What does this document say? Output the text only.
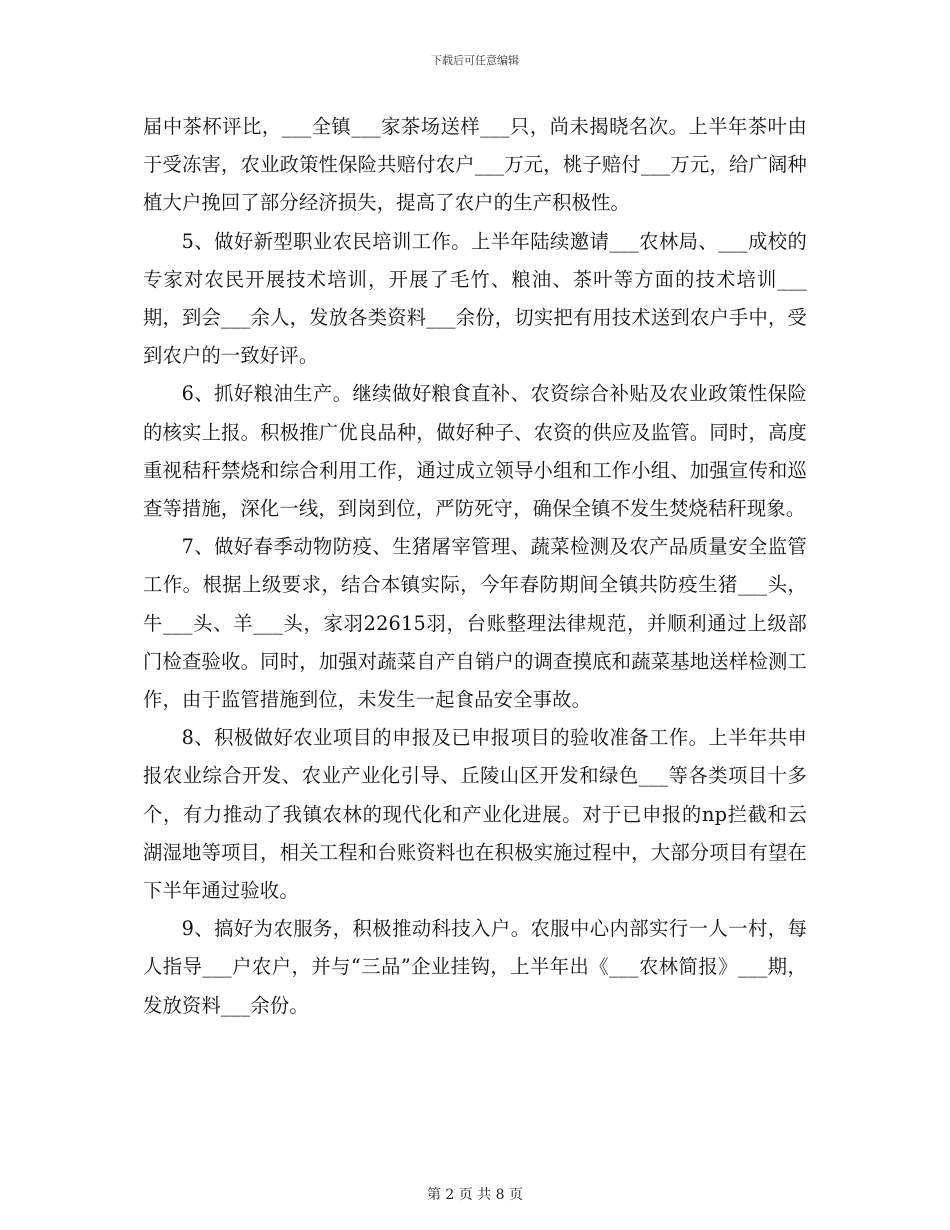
下载后可任意编辑

届中茶杯评比，___全镇___家茶场送样___只，尚未揭晓名次。上半年茶叶由于受冻害，农业政策性保险共赔付农户___万元，桃子赔付___万元，给广阔种植大户挽回了部分经济损失，提高了农户的生产积极性。

5、做好新型职业农民培训工作。上半年陆续邀请___农林局、___成校的专家对农民开展技术培训，开展了毛竹、粮油、茶叶等方面的技术培训___期，到会___余人，发放各类资料___余份，切实把有用技术送到农户手中，受到农户的一致好评。

6、抓好粮油生产。继续做好粮食直补、农资综合补贴及农业政策性保险的核实上报。积极推广优良品种，做好种子、农资的供应及监管。同时，高度重视秸秆禁烧和综合利用工作，通过成立领导小组和工作小组、加强宣传和巡查等措施，深化一线，到岗到位，严防死守，确保全镇不发生焚烧秸秆现象。

7、做好春季动物防疫、生猪屠宰管理、蔬菜检测及农产品质量安全监管工作。根据上级要求，结合本镇实际，今年春防期间全镇共防疫生猪___头，牛___头、羊___头，家羽22615羽，台账整理法律规范，并顺利通过上级部门检查验收。同时，加强对蔬菜自产自销户的调查摸底和蔬菜基地送样检测工作，由于监管措施到位，未发生一起食品安全事故。

8、积极做好农业项目的申报及已申报项目的验收准备工作。上半年共申报农业综合开发、农业产业化引导、丘陵山区开发和绿色___等各类项目十多个，有力推动了我镇农林的现代化和产业化进展。对于已申报的np拦截和云湖湿地等项目，相关工程和台账资料也在积极实施过程中，大部分项目有望在下半年通过验收。

9、搞好为农服务，积极推动科技入户。农服中心内部实行一人一村，每人指导___户农户，并与“三品”企业挂钩，上半年出《___农林简报》___期，发放资料___余份。

第 2 页 共 8 页
